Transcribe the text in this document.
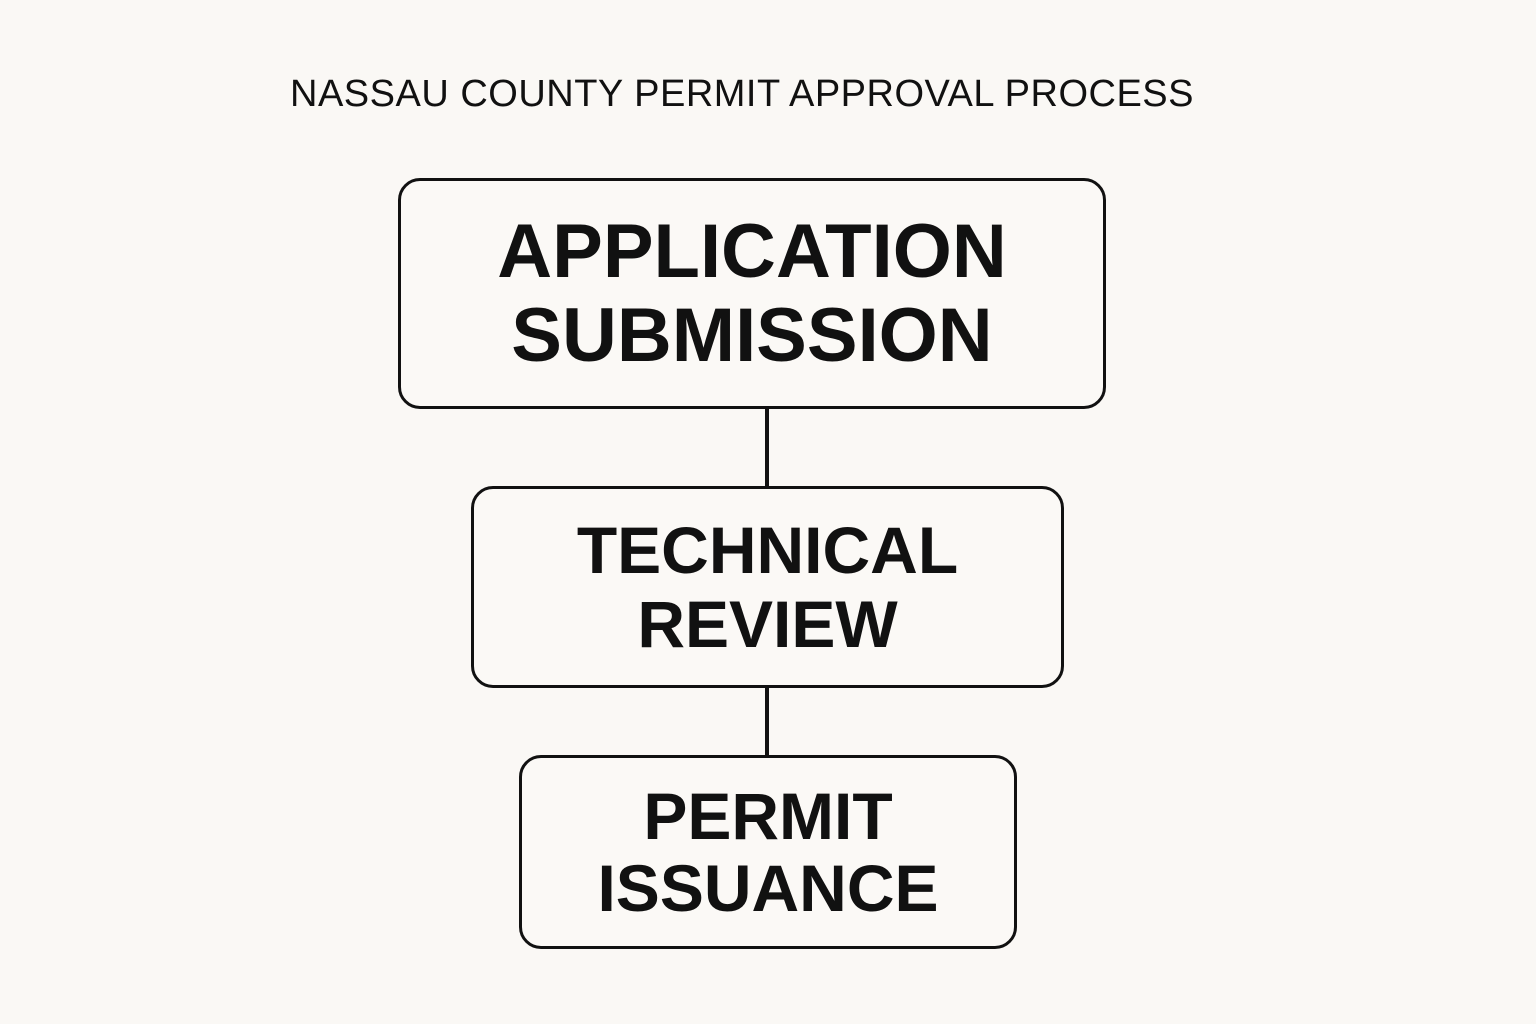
NASSAU COUNTY PERMIT APPROVAL PROCESS
APPLICATION
SUBMISSION
TECHNICAL
REVIEW
PERMIT
ISSUANCE
